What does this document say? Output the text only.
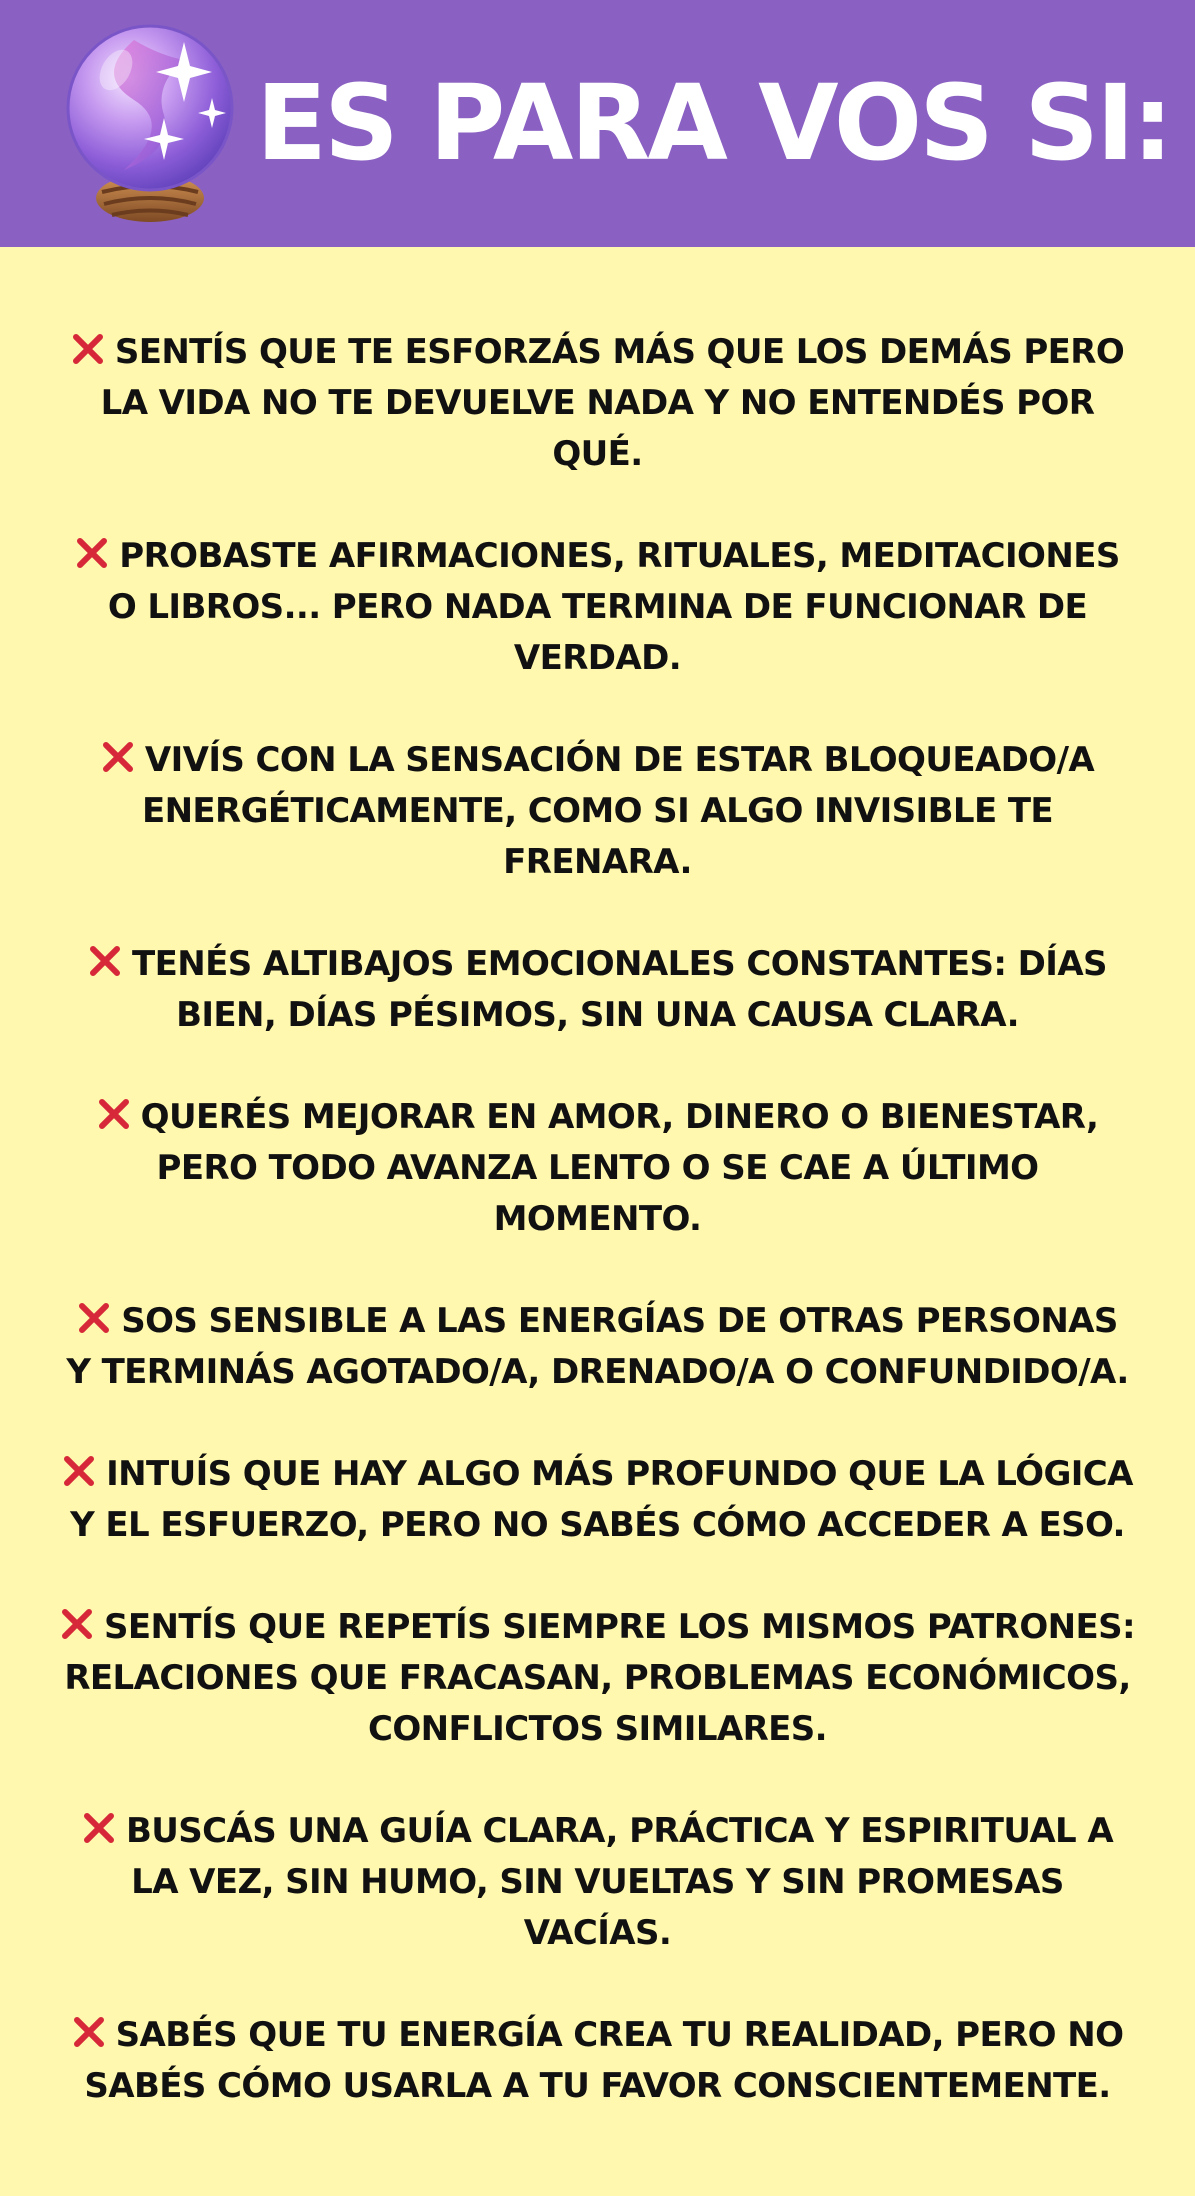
ES PARA VOS SI:

SENTÍS QUE TE ESFORZÁS MÁS QUE LOS DEMÁS PERO LA VIDA NO TE DEVUELVE NADA Y NO ENTENDÉS POR QUÉ.

PROBASTE AFIRMACIONES, RITUALES, MEDITACIONES O LIBROS... PERO NADA TERMINA DE FUNCIONAR DE VERDAD.

VIVÍS CON LA SENSACIÓN DE ESTAR BLOQUEADO/A ENERGÉTICAMENTE, COMO SI ALGO INVISIBLE TE FRENARA.

TENÉS ALTIBAJOS EMOCIONALES CONSTANTES: DÍAS BIEN, DÍAS PÉSIMOS, SIN UNA CAUSA CLARA.

QUERÉS MEJORAR EN AMOR, DINERO O BIENESTAR, PERO TODO AVANZA LENTO O SE CAE A ÚLTIMO MOMENTO.

SOS SENSIBLE A LAS ENERGÍAS DE OTRAS PERSONAS Y TERMINÁS AGOTADO/A, DRENADO/A O CONFUNDIDO/A.

INTUÍS QUE HAY ALGO MÁS PROFUNDO QUE LA LÓGICA Y EL ESFUERZO, PERO NO SABÉS CÓMO ACCEDER A ESO.

SENTÍS QUE REPETÍS SIEMPRE LOS MISMOS PATRONES: RELACIONES QUE FRACASAN, PROBLEMAS ECONÓMICOS, CONFLICTOS SIMILARES.

BUSCÁS UNA GUÍA CLARA, PRÁCTICA Y ESPIRITUAL A LA VEZ, SIN HUMO, SIN VUELTAS Y SIN PROMESAS VACÍAS.

SABÉS QUE TU ENERGÍA CREA TU REALIDAD, PERO NO SABÉS CÓMO USARLA A TU FAVOR CONSCIENTEMENTE.
